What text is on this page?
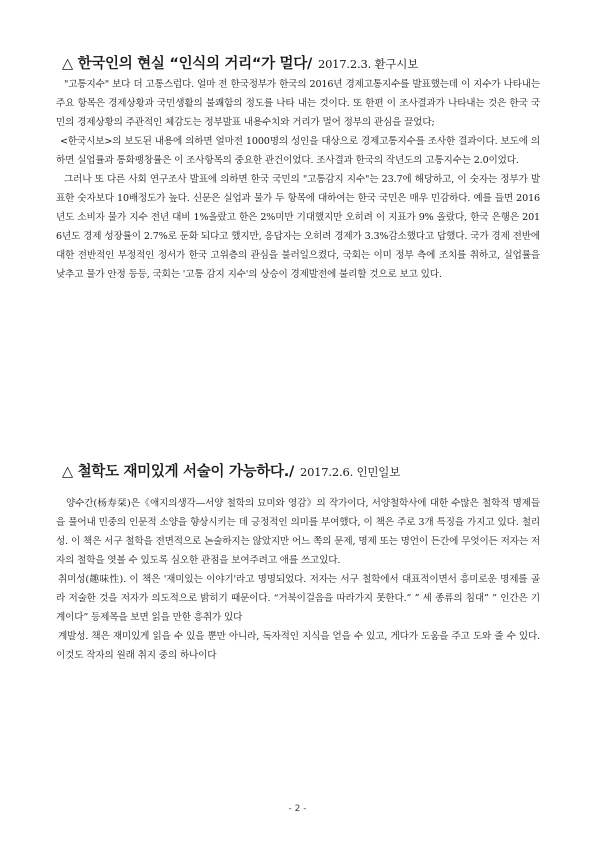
△ 한국인의 현실 “인식의 거리“가 멀다/ 2017.2.3. 환구시보

"고통지수" 보다 더 고통스럽다. 얼마 전 한국정부가 한국의 2016년 경제고통지수를 발표했는데 이 지수가 나타내는 주요 항목은 경제상황과 국민생활의 불쾌함의 정도를 나타 내는 것이다. 또 한편 이 조사결과가 나타내는 것은 한국 국민의 경제상황의 주관적인 체감도는 정부발표 내용수치와 거리가 멀어 정부의 관심을 끌었다;

<한국시보>의 보도된 내용에 의하면 얼마전 1000명의 성인을 대상으로 경제고통지수를 조사한 결과이다. 보도에 의하면 실업률과 통화팽창률은 이 조사항목의 중요한 관건이었다. 조사결과 한국의 작년도의 고통지수는 2.0이었다.

그러나 또 다른 사회 연구조사 발표에 의하면 한국 국민의 "고통감지 지수"는 23.7에 해당하고, 이 숫자는 정부가 발표한 숫자보다 10배정도가 높다. 신문은 실업과 물가 두 항목에 대하여는 한국 국민은 매우 민감하다. 예를 들면 2016년도 소비자 물가 지수 전년 대비 1%올랐고 한은 2%미만 기대했지만 오히려 이 지표가 9% 올랐다, 한국 은행은 2016년도 경제 성장률이 2.7%로 둔화 되다고 했지만, 응답자는 오히려 경제가 3.3%감소했다고 답했다. 국가 경제 전반에 대한 전반적인 부정적인 정서가 한국 고위층의 관심을 불러일으켰다, 국회는 이미 정부 측에 조치를 취하고, 실업률을 낮추고 물가 안정 등등, 국회는 '고통 감지 지수'의 상승이 경제발전에 불리할 것으로 보고 있다.

△ 철학도 재미있게 서술이 가능하다./ 2017.2.6. 인민일보

양수간(杨寿栞)은《애지의생각—서양 철학의 묘미와 영감》의 작가이다, 서양철학사에 대한 수많은 철학적 명제들을 풀어내 민중의 인문적 소양을 향상시키는 데 긍정적인 의미를 부여했다, 이 책은 주로 3개 특징을 가지고 있다. 철리성. 이 책은 서구 철학을 전면적으로 논술하지는 않았지만 어느 쪽의 문제, 명제 또는 명언이 든간에 무엇이든 저자는 저자의 철학을 엿볼 수 있도록 심오한 관점을 보여주려고 애를 쓰고있다.

취미성(趣味性). 이 책은 '재미있는 이야기'라고 명명되었다. 저자는 서구 철학에서 대표적이면서 흥미로운 명제를 골라 저술한 것을 저자가 의도적으로 밝히기 때문이다. “거북이걸음을 따라가지 못한다.” ” 세 종류의 침대” ” 인간은 기계이다” 등제목을 보면 읽을 만한 흥취가 있다

계발성. 책은 재미있게 읽을 수 있을 뿐만 아니라, 독자적인 지식을 얻을 수 있고, 게다가 도움을 주고 도와 줄 수 있다. 이것도 작자의 원래 취지 중의 하나이다

- 2 -
